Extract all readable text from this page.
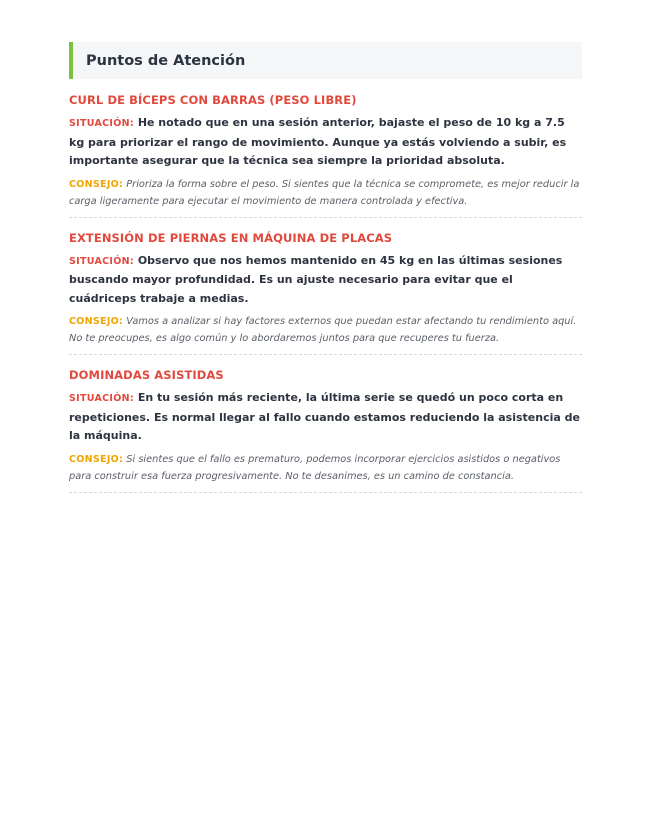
Puntos de Atención

CURL DE BÍCEPS CON BARRAS (PESO LIBRE)

SITUACIÓN: He notado que en una sesión anterior, bajaste el peso de 10 kg a 7.5 kg para priorizar el rango de movimiento. Aunque ya estás volviendo a subir, es importante asegurar que la técnica sea siempre la prioridad absoluta.

CONSEJO: Prioriza la forma sobre el peso. Si sientes que la técnica se compromete, es mejor reducir la carga ligeramente para ejecutar el movimiento de manera controlada y efectiva.

EXTENSIÓN DE PIERNAS EN MÁQUINA DE PLACAS

SITUACIÓN: Observo que nos hemos mantenido en 45 kg en las últimas sesiones buscando mayor profundidad. Es un ajuste necesario para evitar que el cuádriceps trabaje a medias.

CONSEJO: Vamos a analizar si hay factores externos que puedan estar afectando tu rendimiento aquí. No te preocupes, es algo común y lo abordaremos juntos para que recuperes tu fuerza.

DOMINADAS ASISTIDAS

SITUACIÓN: En tu sesión más reciente, la última serie se quedó un poco corta en repeticiones. Es normal llegar al fallo cuando estamos reduciendo la asistencia de la máquina.

CONSEJO: Si sientes que el fallo es prematuro, podemos incorporar ejercicios asistidos o negativos para construir esa fuerza progresivamente. No te desanimes, es un camino de constancia.
